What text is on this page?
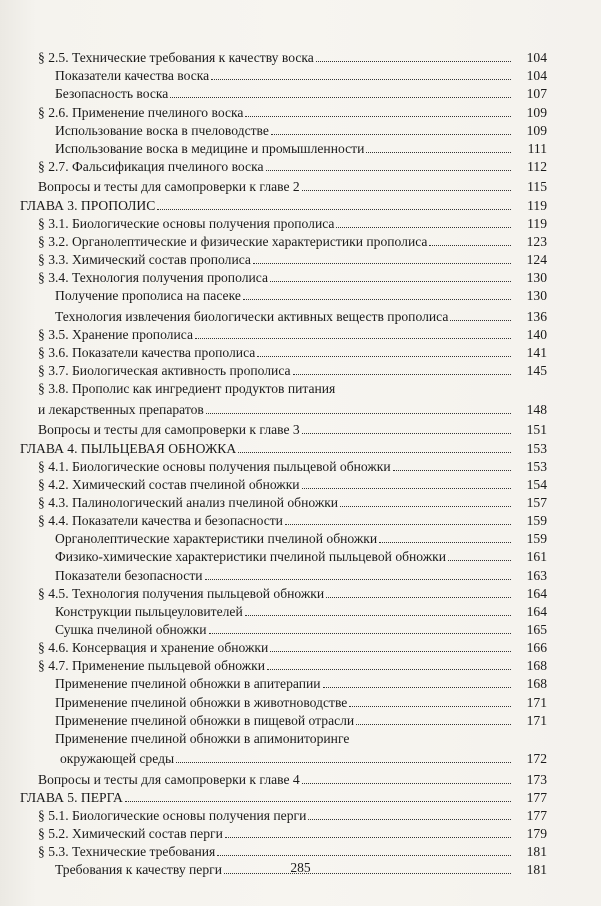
§ 2.5. Технические требования к качеству воска	104
Показатели качества воска	104
Безопасность воска	107
§ 2.6. Применение пчелиного воска	109
Использование воска в пчеловодстве	109
Использование воска в медицине и промышленности	111
§ 2.7. Фальсификация пчелиного воска	112
Вопросы и тесты для самопроверки к главе 2	115
ГЛАВА 3. ПРОПОЛИС	119
§ 3.1. Биологические основы получения прополиса	119
§ 3.2. Органолептические и физические характеристики прополиса	123
§ 3.3. Химический состав прополиса	124
§ 3.4. Технология получения прополиса	130
Получение прополиса на пасеке	130
Технология извлечения биологически активных веществ прополиса	136
§ 3.5. Хранение прополиса	140
§ 3.6. Показатели качества прополиса	141
§ 3.7. Биологическая активность прополиса	145
§ 3.8. Прополис как ингредиент продуктов питания
и лекарственных препаратов	148
Вопросы и тесты для самопроверки к главе 3	151
ГЛАВА 4. ПЫЛЬЦЕВАЯ ОБНОЖКА	153
§ 4.1. Биологические основы получения пыльцевой обножки	153
§ 4.2. Химический состав пчелиной обножки	154
§ 4.3. Палинологический анализ пчелиной обножки	157
§ 4.4. Показатели качества и безопасности	159
Органолептические характеристики пчелиной обножки	159
Физико-химические характеристики пчелиной пыльцевой обножки	161
Показатели безопасности	163
§ 4.5. Технология получения пыльцевой обножки	164
Конструкции пыльцеуловителей	164
Сушка пчелиной обножки	165
§ 4.6. Консервация и хранение обножки	166
§ 4.7. Применение пыльцевой обножки	168
Применение пчелиной обножки в апитерапии	168
Применение пчелиной обножки в животноводстве	171
Применение пчелиной обножки в пищевой отрасли	171
Применение пчелиной обножки в апимониторинге
окружающей среды	172
Вопросы и тесты для самопроверки к главе 4	173
ГЛАВА 5. ПЕРГА	177
§ 5.1. Биологические основы получения перги	177
§ 5.2. Химический состав перги	179
§ 5.3. Технические требования	181
Требования к качеству перги	181
285
